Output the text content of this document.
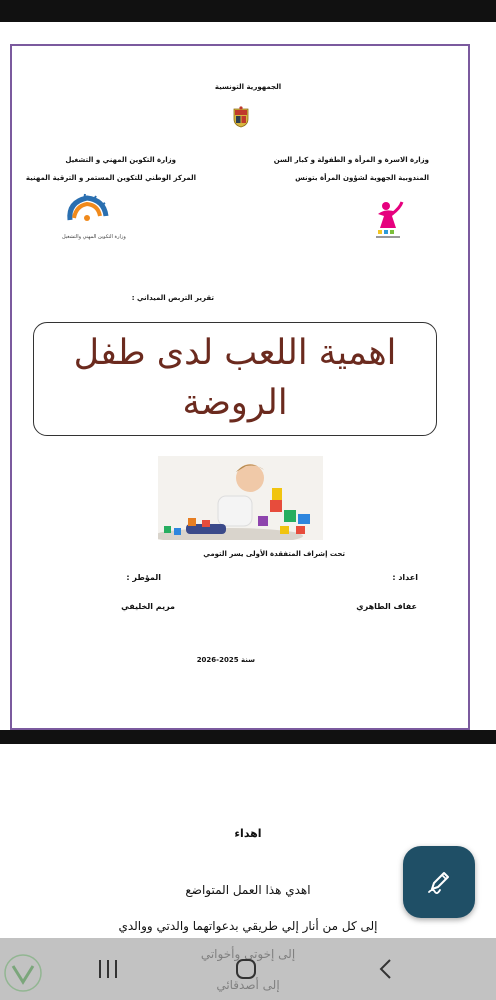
الجمهورية التونسية
وزارة الاسرة و المرأة و الطفولة و كبار السن
المندوبية الجهوية لشؤون المرأة بتونس
وزارة التكوين المهني و التشغيل
المركز الوطني للتكوين المستمر و الترقية المهنية
وزارة التكوين المهني والتشغيل
تقرير التربص الميداني :
اهمية اللعب لدى طفل
الروضة
تحت إشراف المتفقدة الأولى يسر التومي
اعداد :
المؤطر :
عفاف الطاهري
مريم الخليفي
سنة 2025-2026
اهداء
اهدي هذا العمل المتواضع
إلى كل من أنار إلي طريقي بدعواتهما والدتي ووالدي
